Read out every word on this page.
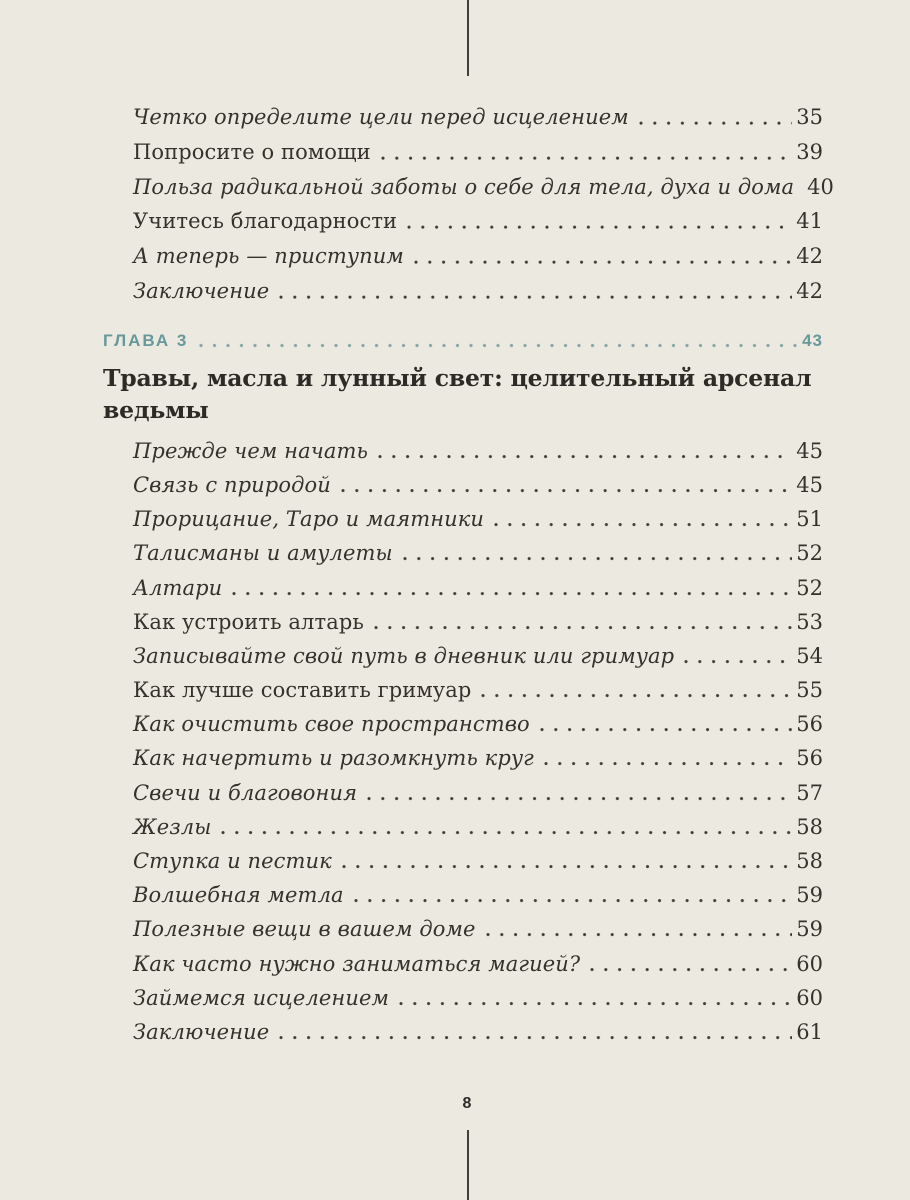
Четко определите цели перед исцелением	35
Попросите о помощи	39
Польза радикальной заботы о себе для тела, духа и дома 40
Учитесь благодарности	41
А теперь — приступим	42
Заключение	42
ГЛАВА 3	43
Травы, масла и лунный свет: целительный арсенал ведьмы
Прежде чем начать	45
Связь с природой	45
Прорицание, Таро и маятники	51
Талисманы и амулеты	52
Алтари	52
Как устроить алтарь	53
Записывайте свой путь в дневник или гримуар	54
Как лучше составить гримуар	55
Как очистить свое пространство	56
Как начертить и разомкнуть круг	56
Свечи и благовония	57
Жезлы	58
Ступка и пестик	58
Волшебная метла	59
Полезные вещи в вашем доме	59
Как часто нужно заниматься магией?	60
Займемся исцелением	60
Заключение	61
8
